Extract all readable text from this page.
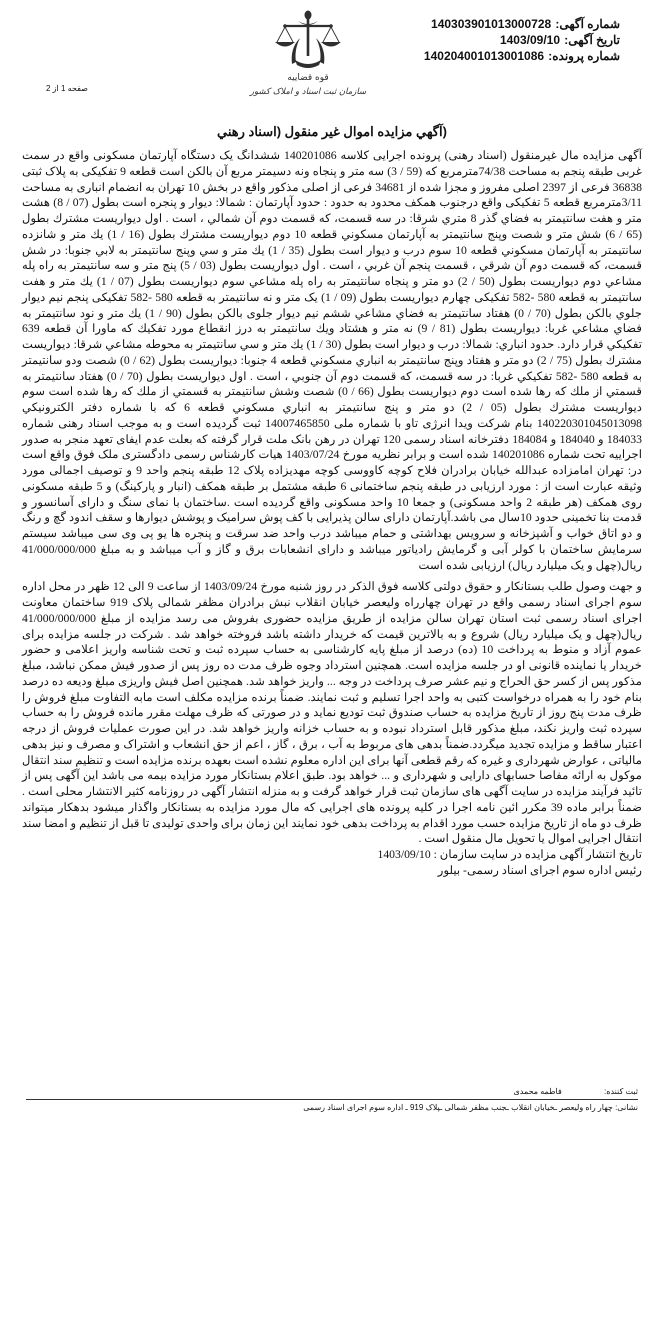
شماره آگهی: 140303901013000728
تاریخ آگهی: 1403/09/10
شماره پرونده: 140204001013001086
قوه قضاییه
سازمان ثبت اسناد و املاک کشور
صفحه 1 از 2
(آگهي مزايده اموال غير منقول (اسناد رهني

آگهی مزایده مال غیرمنقول (اسناد رهنی) پرونده اجرایی کلاسه 140201086 ششدانگ یک دستگاه آپارتمان مسکونی واقع در سمت غربی طبقه پنجم به مساحت 74/38مترمربع که (59 / 3) سه متر و پنجاه ونه دسیمتر مربع آن بالکن است قطعه 9 تفکیکی به پلاک ثبتی 36838 فرعی از 2397 اصلی مفروز و مجزا شده از 34681 فرعی از اصلی مذکور واقع در بخش 10 تهران به انضمام انباری به مساحت 3/11مترمربع قطعه 5 تفکیکی واقع درجنوب همکف محدود به حدود : حدود آپارتمان : شمالا: دیوار و پنجره است بطول (07 / 8) هشت متر و هفت سانتيمتر به فضاي گذر 8 متري شرقا: در سه قسمت، که قسمت دوم آن شمالي ، است . اول ديواريست مشترك بطول (65 / 6) شش متر و شصت وپنج سانتيمتر به آپارتمان مسكوني قطعه 10 دوم ديواريست مشترك بطول (16 / 1) يك متر و شانزده سانتيمتر به آپارتمان مسكوني قطعه 10 سوم درب و ديوار است بطول (35 / 1) يك متر و سي وپنج سانتيمتر به لابي جنوبا: در شش قسمت، كه قسمت دوم آن شرقي ، قسمت پنجم آن غربي ، است . اول ديواريست بطول (03 / 5) پنج متر و سه سانتيمتر به راه پله مشاعي دوم ديواريست بطول (50 / 2) دو متر و پنجاه سانتيمتر به راه پله مشاعي سوم ديواريست بطول (07 / 1) يك متر و هفت سانتيمتر به قطعه 580 -582 تفکیکی چهارم دیواریست بطول (09 / 1) یک متر و نه سانتیمتر به قطعه 580 -582 تفکیکی پنجم نیم دیوار جلوي بالكن بطول (70 / 0) هفتاد سانتيمتر به فضاي مشاعي ششم نیم دیوار جلوی بالكن بطول (90 / 1) يك متر و نود سانتيمتر به فضاي مشاعي غربا: ديواريست بطول (81 / 9) نه متر و هشتاد ويك سانتيمتر به درز انقطاع مورد تفكيك كه ماورا آن قطعه 639 تفكيكي قرار دارد. حدود انباري: شمالا: درب و ديوار است بطول (30 / 1) يك متر و سي سانتيمتر به محوطه مشاعي شرقا: ديواريست مشترك بطول (75 / 2) دو متر و هفتاد وپنج سانتيمتر به انباري مسكوني قطعه 4 جنوبا: ديواريست بطول (62 / 0) شصت ودو سانتيمتر به قطعه 580 -582 تفكيكي غربا: در سه قسمت، كه قسمت دوم آن جنوبي ، است . اول ديواريست بطول (70 / 0) هفتاد سانتيمتر به قسمتي از ملك كه رها شده است دوم ديواريست بطول (66 / 0) شصت وشش سانتيمتر به قسمتي از ملك كه رها شده است سوم ديواريست مشترك بطول (05 / 2) دو متر و پنج سانتيمتر به انباري مسكوني قطعه 6 كه با شماره دفتر الكترونيكي 140220301045013098 بنام شرکت ویدا انرژی تاو با شماره ملی 14007465850 ثبت گردیده است و به موجب اسناد رهنی شماره 184033 و 184040 و 184084 دفترخانه اسناد رسمی 120 تهران در رهن بانک ملت قرار گرفته که بعلت عدم ایفای تعهد منجر به صدور اجراییه تحت شماره 140201086 شده است و برابر نظریه مورخ 1403/07/24 هیات کارشناس رسمی دادگستری ملک فوق واقع است در: تهران امامزاده عبدالله خیابان برادران فلاح کوچه کاووسی کوچه مهدیزاده پلاک 12 طبقه پنجم واحد 9 و توصیف اجمالی مورد وثیقه عبارت است از : مورد ارزیابی در طبقه پنجم ساختمانی 6 طبقه مشتمل بر طبقه همکف (انبار و پارکینگ) و 5 طبقه مسکونی روی همکف (هر طبقه 2 واحد مسکونی) و جمعا 10 واحد مسکونی واقع گردیده است .ساختمان با نمای سنگ و دارای آسانسور و قدمت بنا تخمینی حدود 10سال می باشد.آپارتمان دارای سالن پذیرایی با کف پوش سرامیک و پوشش دیوارها و سقف اندود گچ و رنگ و دو اتاق خواب و آشپزخانه و سرویس بهداشتی و حمام میباشد درب واحد ضد سرقت و پنجره ها یو پی وی سی میباشد سیستم سرمایش ساختمان با کولر آبی و گرمایش رادیاتور میباشد و دارای انشعابات برق و گاز و آب میباشد و به مبلغ 41/000/000/000 ریال(چهل و یک میلیارد ریال) ارزیابی شده است

و جهت وصول طلب بستانکار و حقوق دولتی کلاسه فوق الذکر در روز شنبه مورخ 1403/09/24 از ساعت 9 الی 12 ظهر در محل اداره سوم اجرای اسناد رسمی واقع در تهران چهارراه ولیعصر خیابان انقلاب نبش برادران مظفر شمالی پلاک 919 ساختمان معاونت اجرای اسناد رسمی ثبت استان تهران سالن مزایده از طریق مزایده حضوری بفروش می رسد مزایده از مبلغ 41/000/000/000 ریال(چهل و یک میلیارد ریال) شروع و به بالاترین قیمت که خریدار داشته باشد فروخته خواهد شد . شرکت در جلسه مزایده برای عموم آزاد و منوط به پرداخت 10 (ده) درصد از مبلغ پایه کارشناسی به حساب سپرده ثبت و تحت شناسه واریز اعلامی و حضور خریدار یا نماینده قانونی او در جلسه مزایده است. همچنین استرداد وجوه ظرف مدت ده روز پس از صدور فیش ممکن نباشد، مبلغ مذکور پس از کسر حق الحراج و نیم عشر صرف پرداخت در وجه ... واریز خواهد شد. همچنین اصل فیش واریزی مبلغ ودیعه ده درصد بنام خود را به همراه درخواست کتبی به واحد اجرا تسلیم و ثبت نمایند. ضمناً برنده مزایده مکلف است مابه التفاوت مبلغ فروش را ظرف مدت پنج روز از تاریخ مزایده به حساب صندوق ثبت تودیع نماید و در صورتی که ظرف مهلت مقرر مانده فروش را به حساب سپرده ثبت واریز نکند، مبلغ مذکور قابل استرداد نبوده و به حساب خزانه واریز خواهد شد. در این صورت عملیات فروش از درجه اعتبار ساقط و مزایده تجدید میگردد.ضمناً بدهی های مربوط به آب ، برق ، گاز ، اعم از حق انشعاب و اشتراک و مصرف و نیز بدهی مالیاتی ، عوارض شهرداری و غیره که رقم قطعی آنها برای این اداره معلوم نشده است بعهده برنده مزایده است و تنظیم سند انتقال موکول به ارائه مفاصا حسابهای دارایی و شهرداری و ... خواهد بود. طبق اعلام بستانکار مورد مزایده بیمه می باشد این آگهی پس از تائید فرآیند مزایده در سایت آگهی های سازمان ثبت قرار خواهد گرفت و به منزله انتشار آگهی در روزنامه کثیر الانتشار محلی است . ضمناً برابر ماده 39 مکرر ائین نامه اجرا در کلیه پرونده های اجرایی که مال مورد مزایده به بستانکار واگذار میشود بدهکار میتواند ظرف دو ماه از تاریخ مزایده حسب مورد اقدام به پرداخت بدهی خود نمایند این زمان برای واحدی تولیدی تا قبل از تنظیم و امضا سند انتقال اجرایی اموال یا تحویل مال منقول است .

تاریخ انتشار آگهی مزایده در سایت سازمان : 1403/09/10

رئیس اداره سوم اجرای اسناد رسمی- بیلور

ثبت کننده: فاطمه محمدی
نشانی: چهار راه ولیعصر ـخیابان انقلاب ـجنب مظفر شمالی ـپلاک 919 ـ اداره سوم اجرای اسناد رسمی
